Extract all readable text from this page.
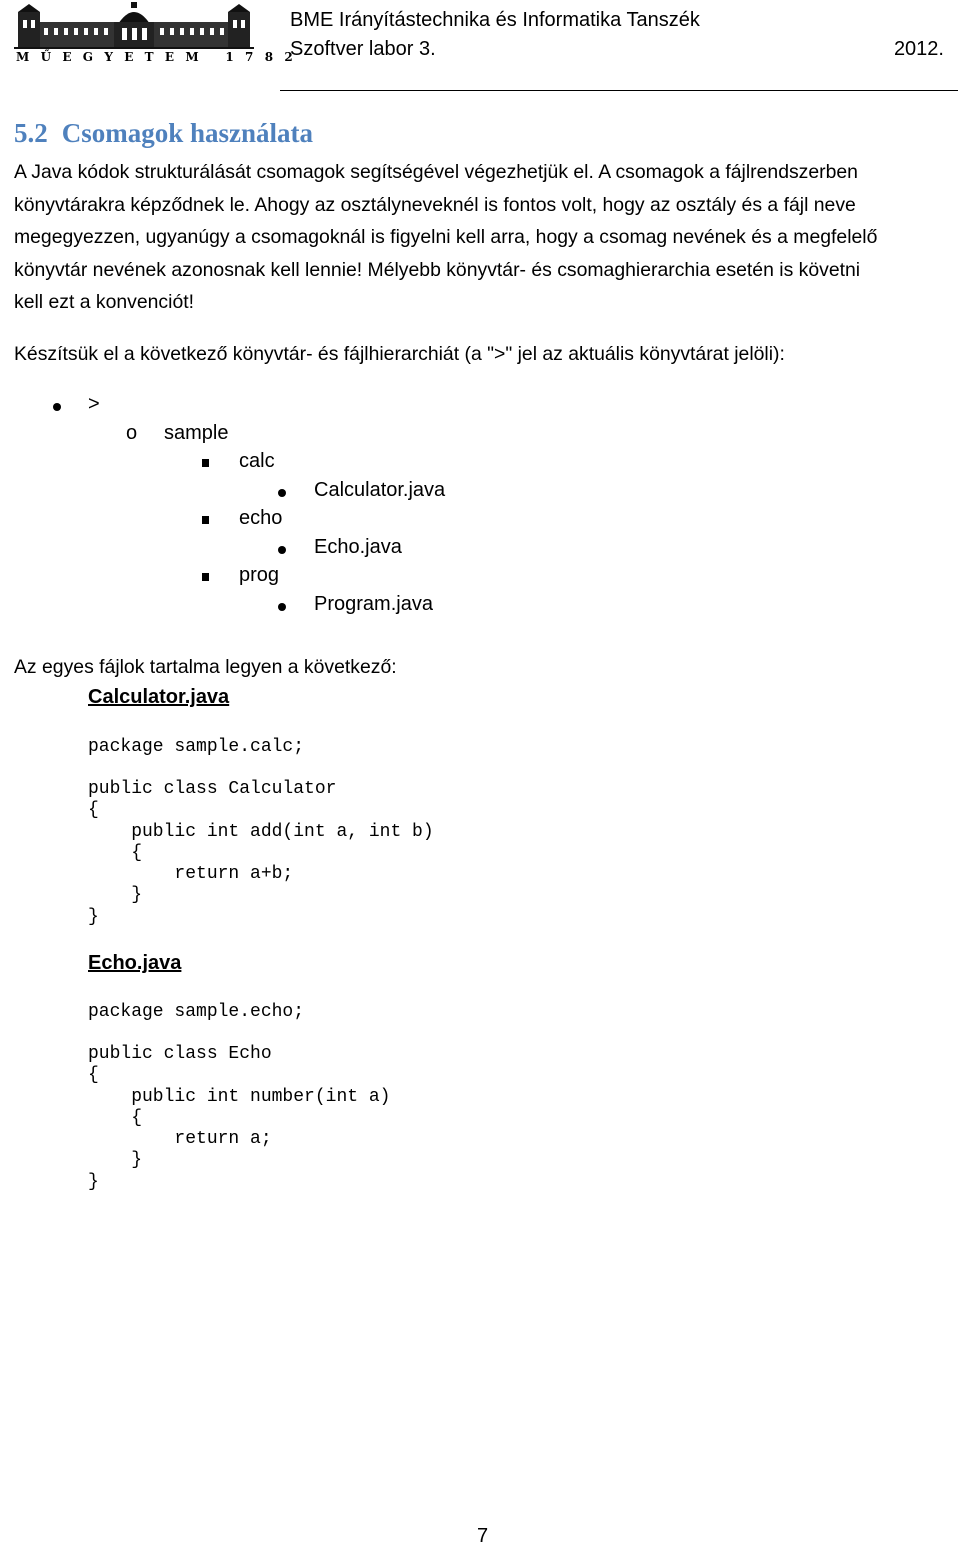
MŰEGYETEM 1782
BME Irányítástechnika és Informatika Tanszék
Szoftver labor 3.	2012.
5.2 Csomagok használata
A Java kódok strukturálását csomagok segítségével végezhetjük el. A csomagok a fájlrendszerben
könyvtárakra képződnek le. Ahogy az osztályneveknél is fontos volt, hogy az osztály és a fájl neve
megegyezzen, ugyanúgy a csomagoknál is figyelni kell arra, hogy a csomag nevének és a megfelelő
könyvtár nevének azonosnak kell lennie! Mélyebb könyvtár- és csomaghierarchia esetén is követni
kell ezt a konvenciót!
Készítsük el a következő könyvtár- és fájlhierarchiát (a ">" jel az aktuális könyvtárat jelöli):
>
o sample
calc
Calculator.java
echo
Echo.java
prog
Program.java
Az egyes fájlok tartalma legyen a következő:
Calculator.java
package sample.calc;
public class Calculator
{
public int add(int a, int b)
{
return a+b;
}
}
Echo.java
package sample.echo;
public class Echo
{
public int number(int a)
{
return a;
}
}
7
